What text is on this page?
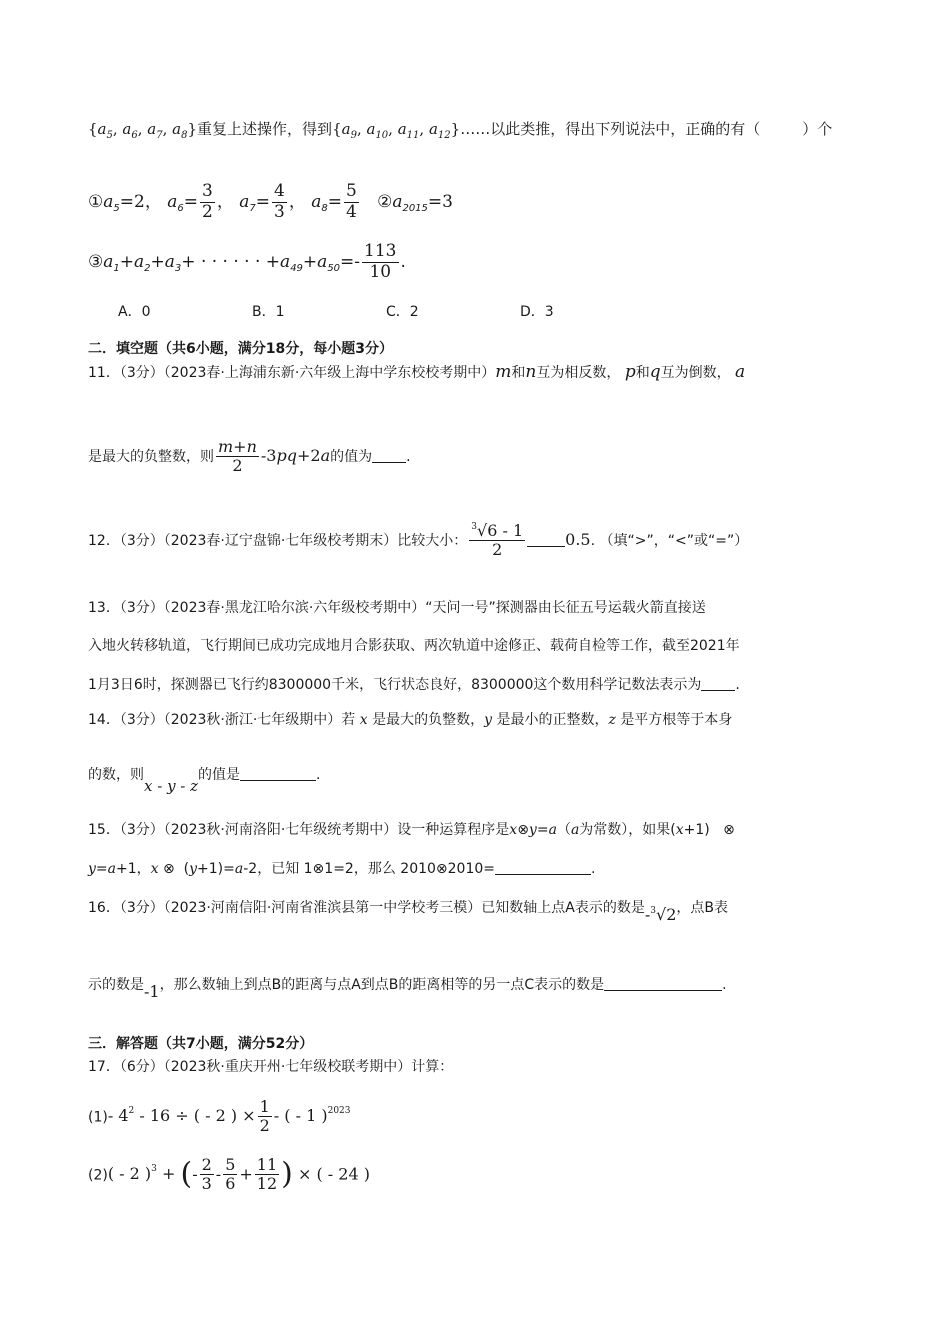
{$a_5$, $a_6$, $a_7$, $a_8$}重复上述操作，得到{$a_9$, $a_{10}$, $a_{11}$, $a_{12}\}\dots\dots$以此类推，得出下列说法中，正确的有（	）个
$①a_5=2$， $a_6= \frac{3}{2}$ ， $a_7= \frac{4}{3}$ ， $a_8= \frac{5}{4}$ $②a_{2015}=3$
$③a_1+a_2+a_3+$ · · · · · · $+a_{49}+a_{50}=- \frac{113}{10}$ .
A．0	B．1	C．2	D．3
二．填空题（共6小题，满分18分，每小题3分）
11．（3分）（2023春·上海浦东新·六年级上海中学东校校考期中）m和n互为相反数， p和q互为倒数， a
是最大的负整数，则 $\frac{m+n}{2} -3pq+2a$的值为 .
12．（3分）（2023春·辽宁盘锦·七年级校考期末）比较大小： $\frac{^3√6 - 1}{2}$	0.5. （填“>”，“<”或“=”）
13．（3分）（2023春·黑龙江哈尔滨·六年级校考期中）“天问一号”探测器由长征五号运载火箭直接送
入地火转移轨道，飞行期间已成功完成地月合影获取、两次轨道中途修正、载荷自检等工作，截至2021年
1月3日6时，探测器已飞行约8300000千米，飞行状态良好，8300000这个数用科学记数法表示为 .
14．（3分）（2023秋·浙江·七年级期中）若 x 是最大的负整数，y 是最小的正整数，z 是平方根等于本身
的数，则x - y - z的值是	.
15．（3分）（2023秋·河南洛阳·七年级统考期中）设一种运算程序是x⊗y=a（a为常数），如果(x+1)   ⊗
y=a+1，x ⊗  (y+1)=a-2，已知 1⊗1=2，那么 2010⊗2010=	.
16．（3分）（2023·河南信阳·河南省淮滨县第一中学校考三模）已知数轴上点A表示的数是-$^3$√2，点B表
示的数是-1，那么数轴上到点B的距离与点A到点B的距离相等的另一点C表示的数是	.
三．解答题（共7小题，满分52分）
17．（6分）（2023秋·重庆开州·七年级校联考期中）计算：
(1)- $4^2 - 16$ ÷ ( - 2 ) × $\frac{1}{2}$ - ( - 1 )$^{2023}$
(2)( - 2 )$^3$ + (- $\frac{2}{3} - \frac{5}{6} + \frac{11}{12}$ ) × ( - 24 )
